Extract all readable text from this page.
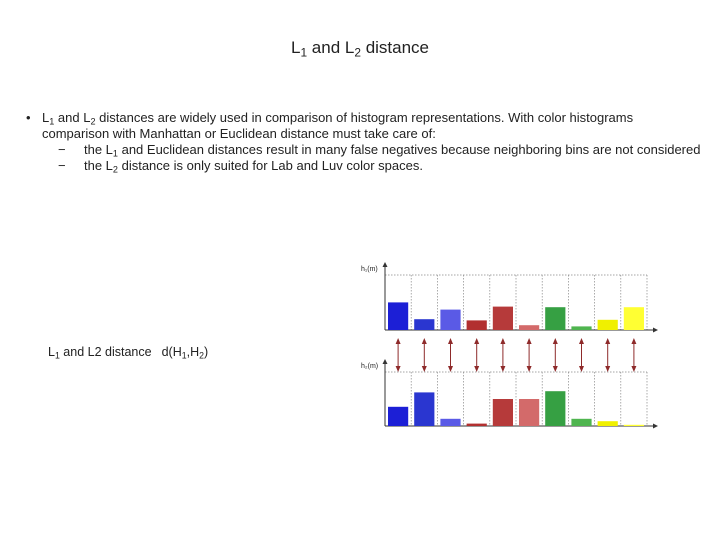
$L_1$ and $L_2$ distance
• $L_1$ and $L_2$ distances are widely used in comparison of histogram representations. With color histograms comparison with Manhattan or Euclidean distance must take care of:
− the $L_1$ and Euclidean distances result in many false negatives because neighboring bins are not considered
− the $L_2$ distance is only suited for Lab and Luv color spaces.
$L_1$ and L2 distance $d(H_1,H_2)$
h₁(m)
h₂(m)
